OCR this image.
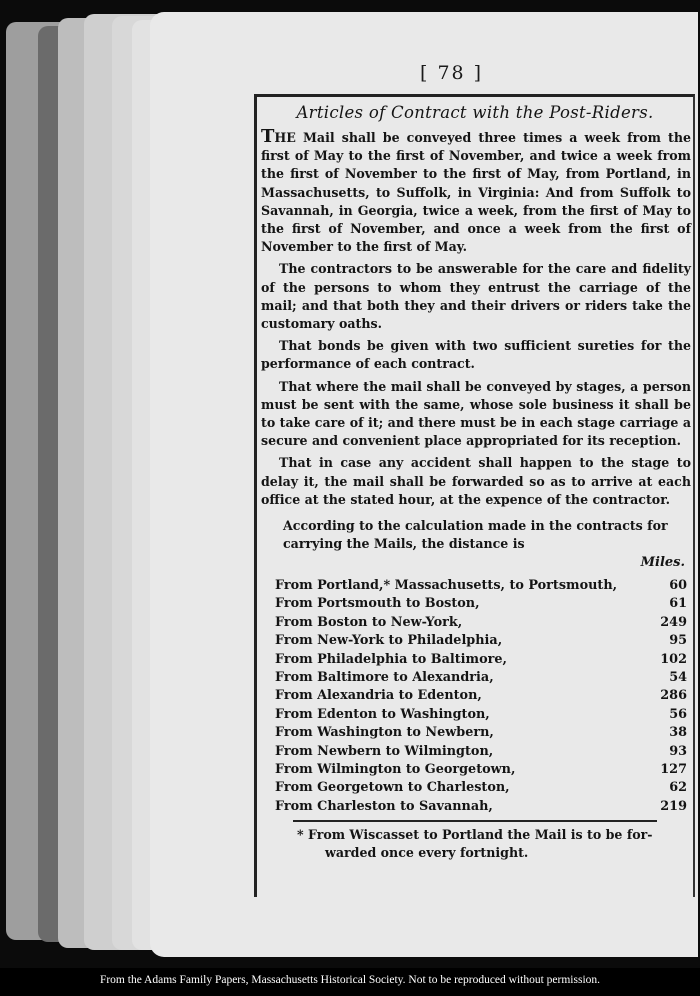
[ 78 ]
Articles of Contract with the Post-Riders.

THE Mail shall be conveyed three times a week from the first of May to the first of November, and twice a week from the first of November to the first of May, from Portland, in Massachusetts, to Suffolk, in Virginia: And from Suffolk to Savannah, in Georgia, twice a week, from the first of May to the first of November, and once a week from the first of November to the first of May.

The contractors to be answerable for the care and fidelity of the persons to whom they entrust the carriage of the mail; and that both they and their drivers or riders take the customary oaths.

That bonds be given with two sufficient sureties for the performance of each contract.

That where the mail shall be conveyed by stages, a person must be sent with the same, whose sole business it shall be to take care of it; and there must be in each stage carriage a secure and convenient place appropriated for its reception.

That in case any accident shall happen to the stage to delay it, the mail shall be forwarded so as to arrive at each office at the stated hour, at the expence of the contractor.

According to the calculation made in the contracts for carrying the Mails, the distance is
Miles.
From Portland,* Massachusetts, to Portsmouth,	60
From Portsmouth to Boston,	61
From Boston to New-York,	249
From New-York to Philadelphia,	95
From Philadelphia to Baltimore,	102
From Baltimore to Alexandria,	54
From Alexandria to Edenton,	286
From Edenton to Washington,	56
From Washington to Newbern,	38
From Newbern to Wilmington,	93
From Wilmington to Georgetown,	127
From Georgetown to Charleston,	62
From Charleston to Savannah,	219
* From Wiscasset to Portland the Mail is to be for-
warded once every fortnight.
From the Adams Family Papers, Massachusetts Historical Society. Not to be reproduced without permission.
